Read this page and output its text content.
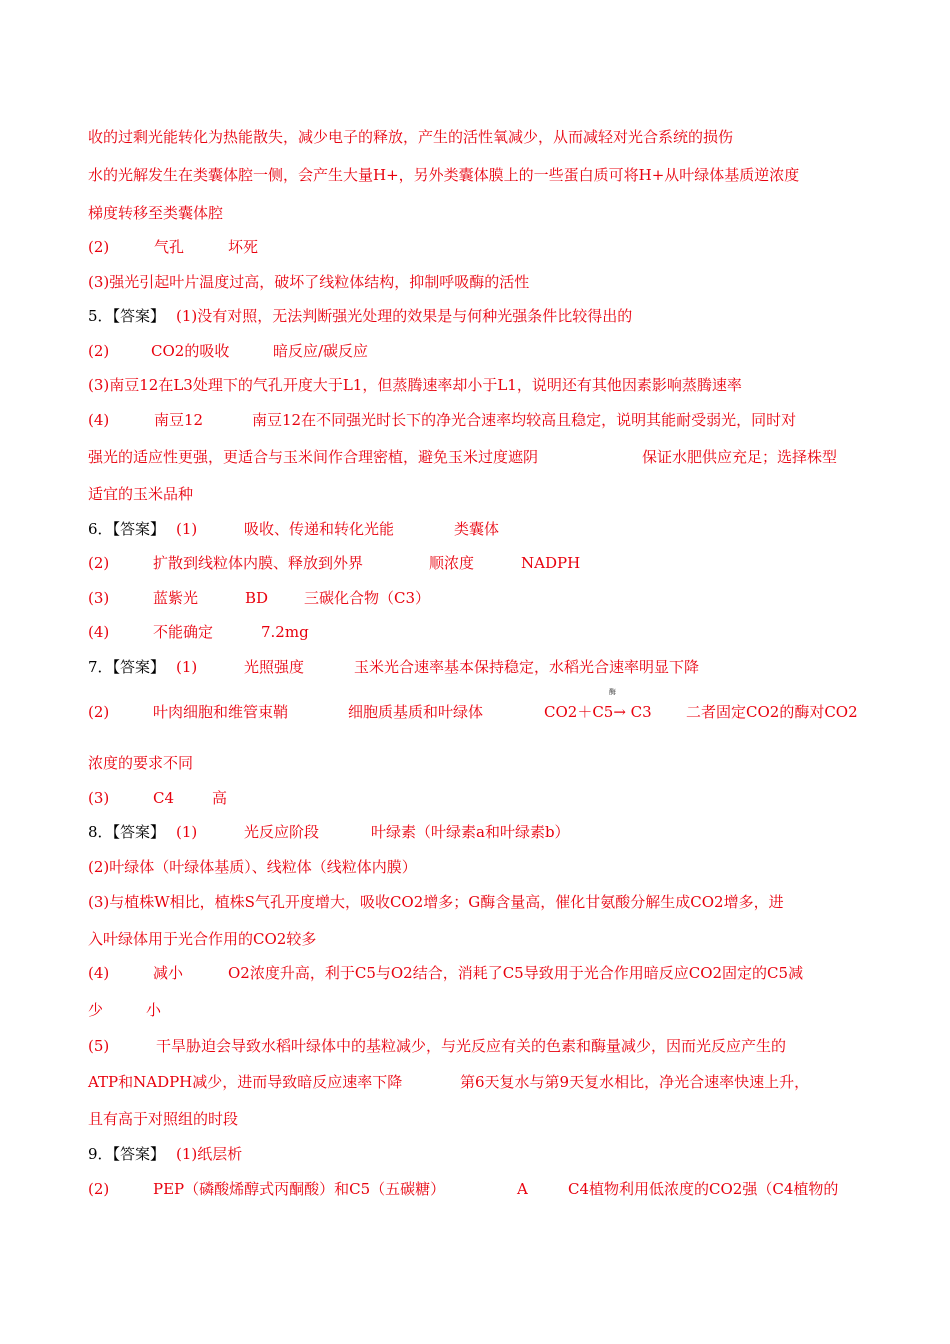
收的过剩光能转化为热能散失，减少电子的释放，产生的活性氧减少，从而减轻对光合系统的损伤
水的光解发生在类囊体腔一侧，会产生大量H+，另外类囊体膜上的一些蛋白质可将H+从叶绿体基质逆浓度
梯度转移至类囊体腔
(2)	气孔	坏死
(3)强光引起叶片温度过高，破坏了线粒体结构，抑制呼吸酶的活性
5．【答案】 (1)没有对照，无法判断强光处理的效果是与何种光强条件比较得出的
(2)	CO2的吸收	暗反应/碳反应
(3)南豆12在L3处理下的气孔开度大于L1，但蒸腾速率却小于L1，说明还有其他因素影响蒸腾速率
(4)	南豆12	南豆12在不同强光时长下的净光合速率均较高且稳定，说明其能耐受弱光，同时对
强光的适应性更强，更适合与玉米间作合理密植，避免玉米过度遮阴	保证水肥供应充足；选择株型
适宜的玉米品种
6．【答案】 (1)	吸收、传递和转化光能	类囊体
(2)	扩散到线粒体内膜、释放到外界	顺浓度	NADPH
(3)	蓝紫光	BD 三碳化合物（C3）
(4)	不能确定	7.2mg
7．【答案】 (1)	光照强度	玉米光合速率基本保持稳定，水稻光合速率明显下降
(2)	叶肉细胞和维管束鞘	细胞质基质和叶绿体	CO2＋C5→ C3
酶
二者固定CO2的酶对CO2
浓度的要求不同
(3)	C4	高
8．【答案】 (1)	光反应阶段	叶绿素（叶绿素a和叶绿素b）
(2)叶绿体（叶绿体基质）、线粒体（线粒体内膜）
(3)与植株W相比，植株S气孔开度增大，吸收CO2增多；G酶含量高，催化甘氨酸分解生成CO2增多，进
入叶绿体用于光合作用的CO2较多
(4)	减小	O2浓度升高，利于C5与O2结合，消耗了C5导致用于光合作用暗反应CO2固定的C5减
少	小
(5)	干旱胁迫会导致水稻叶绿体中的基粒减少，与光反应有关的色素和酶量减少，因而光反应产生的
ATP和NADPH减少，进而导致暗反应速率下降	第6天复水与第9天复水相比，净光合速率快速上升，
且有高于对照组的时段
9．【答案】 (1)纸层析
(2)	PEP（磷酸烯醇式丙酮酸）和C5（五碳糖）	A	C4植物利用低浓度的CO2强（C4植物的
